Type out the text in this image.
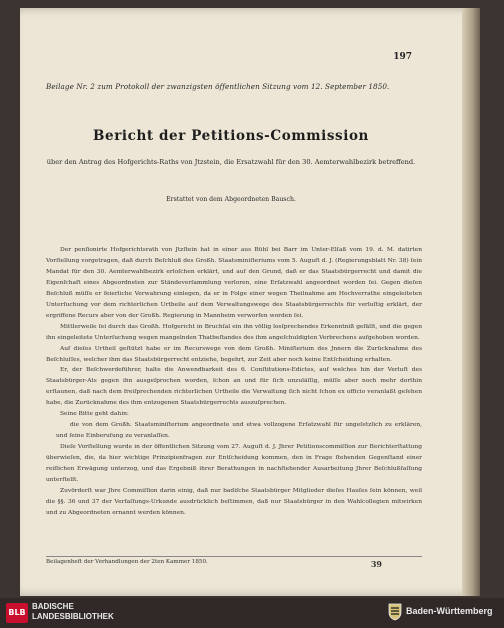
197
Beilage Nr. 2 zum Protokoll der zwanzigsten öffentlichen Sitzung vom 12. September 1850.
Bericht der Petitions-Commission
über den Antrag des Hofgerichts-Raths von Jtzstein, die Ersatzwahl für den 30. Aemterwahlbezirk betreffend.
Erstattet von dem Abgeordneten Bausch.

Der penſionirte Hofgerichtsrath von Jtzſtein hat in einer aus Bühl bei Barr im Unter-Elſaß vom 19. d. M. datirten Vorſtellung vorgetragen, daß durch Beſchluß des Großh. Staatsminiſteriums vom 5. Auguſt d. J. (Regierungsblatt Nr. 38) ſein Mandat für den 30. Aemterwahlbezirk erloſchen erklärt, und auf den Grund, daß er das Staatsbürgerrecht und damit die Eigenſchaft eines Abgeordneten zur Ständeverſammlung verloren, eine Erſatzwahl angeordnet worden ſei. Gegen dieſen Beſchluß müſſe er feierliche Verwahrung einlegen, da er in Folge einer wegen Theilnahme am Hochverrathe eingeleiteten Unterſuchung vor dem richterlichen Urtheile auf dem Verwaltungswege des Staatsbürgerrechts für verluſtig erklärt, der ergriffene Recurs aber von der Großh. Regierung in Mannheim verworfen worden ſei.

Mittlerweile ſei durch das Großh. Hofgericht in Bruchſal ein ihn völlig losſprechendes Erkenntniß gefällt, und die gegen ihn eingeleitete Unterſuchung wegen mangelnden Thatbeſtandes des ihm angeſchuldigten Verbrechens aufgehoben worden.

Auf dieſes Urtheil geſtützt habe er im Recurswege von dem Großh. Miniſterium des Jnnern die Zurücknahme des Beſchluſſes, welcher ihm das Staatsbürgerrecht entziehe, begehrt, zur Zeit aber noch keine Entſcheidung erhalten.

Er, der Beſchwerdeführer, halte die Anwendbarkeit des 6. Conſtitutions-Edictes, auf welches hin der Verluſt des Staatsbürger-Ats gegen ihn ausgeſprochen worden, ſchon an und für ſich unzuläſſig, müſſe aber noch mehr dorthin erſtaunen, daß nach dem freiſprechenden richterlichen Urtheile die Verwaltung ſich nicht ſchon ex officio veranlaßt geſehen habe, die Zurücknahme des ihm entzogenen Staatsbürgerrechts auszuſprechen.

Seine Bitte geht dahin:

die von dem Großh. Staatsminiſterium angeordnete und etwa vollzogene Erſatzwahl für ungeſetzlich zu erklären, und ſeine Einberufung zu veranlaſſen.

Dieſe Vorſtellung wurde in der öffentlichen Sitzung vom 27. Auguſt d. J. Jhrer Petitionscommiſſion zur Berichterſtattung überwieſen, die, da hier wichtige Prinzipienfragen zur Entſcheidung kommen, den in Frage ſtehenden Gegenſtand einer reiflichen Erwägung unterzog, und das Ergebniß ihrer Berathungen in nachſtehender Ausarbeitung Jhrer Beſchlußfaſſung unterſtellt.

Zuvörderſt war Jhre Commiſſion darin einig, daß nur badiſche Staatsbürger Mitglieder dieſes Hauſes ſein können, weil die §§. 36 und 37 der Verfaſſungs-Urkunde ausdrücklich beſtimmen, daß nur Staatsbürger in den Wahlcollegien mitwirken und zu Abgeordneten ernannt werden können.

Beilagenheft der Verhandlungen der 2ten Kammer 1850.	39
BLB
BADISCHE
LANDESBIBLIOTHEK
Baden-Württemberg
